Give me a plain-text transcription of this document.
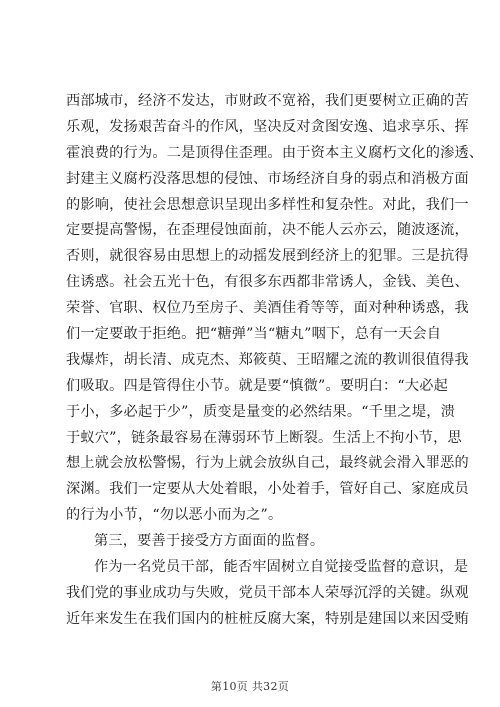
西部城市，经济不发达，市财政不宽裕，我们更要树立正确的苦
乐观，发扬艰苦奋斗的作风，坚决反对贪图安逸、追求享乐、挥
霍浪费的行为。二是顶得住歪理。由于资本主义腐朽文化的渗透、
封建主义腐朽没落思想的侵蚀、市场经济自身的弱点和消极方面
的影响，使社会思想意识呈现出多样性和复杂性。对此，我们一
定要提高警惕，在歪理侵蚀面前，决不能人云亦云，随波逐流，
否则，就很容易由思想上的动摇发展到经济上的犯罪。三是抗得
住诱惑。社会五光十色，有很多东西都非常诱人，金钱、美色、
荣誉、官职、权位乃至房子、美酒佳肴等等，面对种种诱惑，我
们一定要敢于拒绝。把“糖弹”当“糖丸”咽下，总有一天会自
我爆炸，胡长清、成克杰、郑筱萸、王昭耀之流的教训很值得我
们吸取。四是管得住小节。就是要“慎微”。要明白：“大必起
于小，多必起于少”，质变是量变的必然结果。“千里之堤，溃
于蚁穴”，链条最容易在薄弱环节上断裂。生活上不拘小节，思
想上就会放松警惕，行为上就会放纵自己，最终就会滑入罪恶的
深渊。我们一定要从大处着眼，小处着手，管好自己、家庭成员
的行为小节，“勿以恶小而为之”。
第三，要善于接受方方面面的监督。
作为一名党员干部，能否牢固树立自觉接受监督的意识，是
我们党的事业成功与失败，党员干部本人荣辱沉浮的关键。纵观
近年来发生在我们国内的桩桩反腐大案，特别是建国以来因受贿
第10页 共32页
